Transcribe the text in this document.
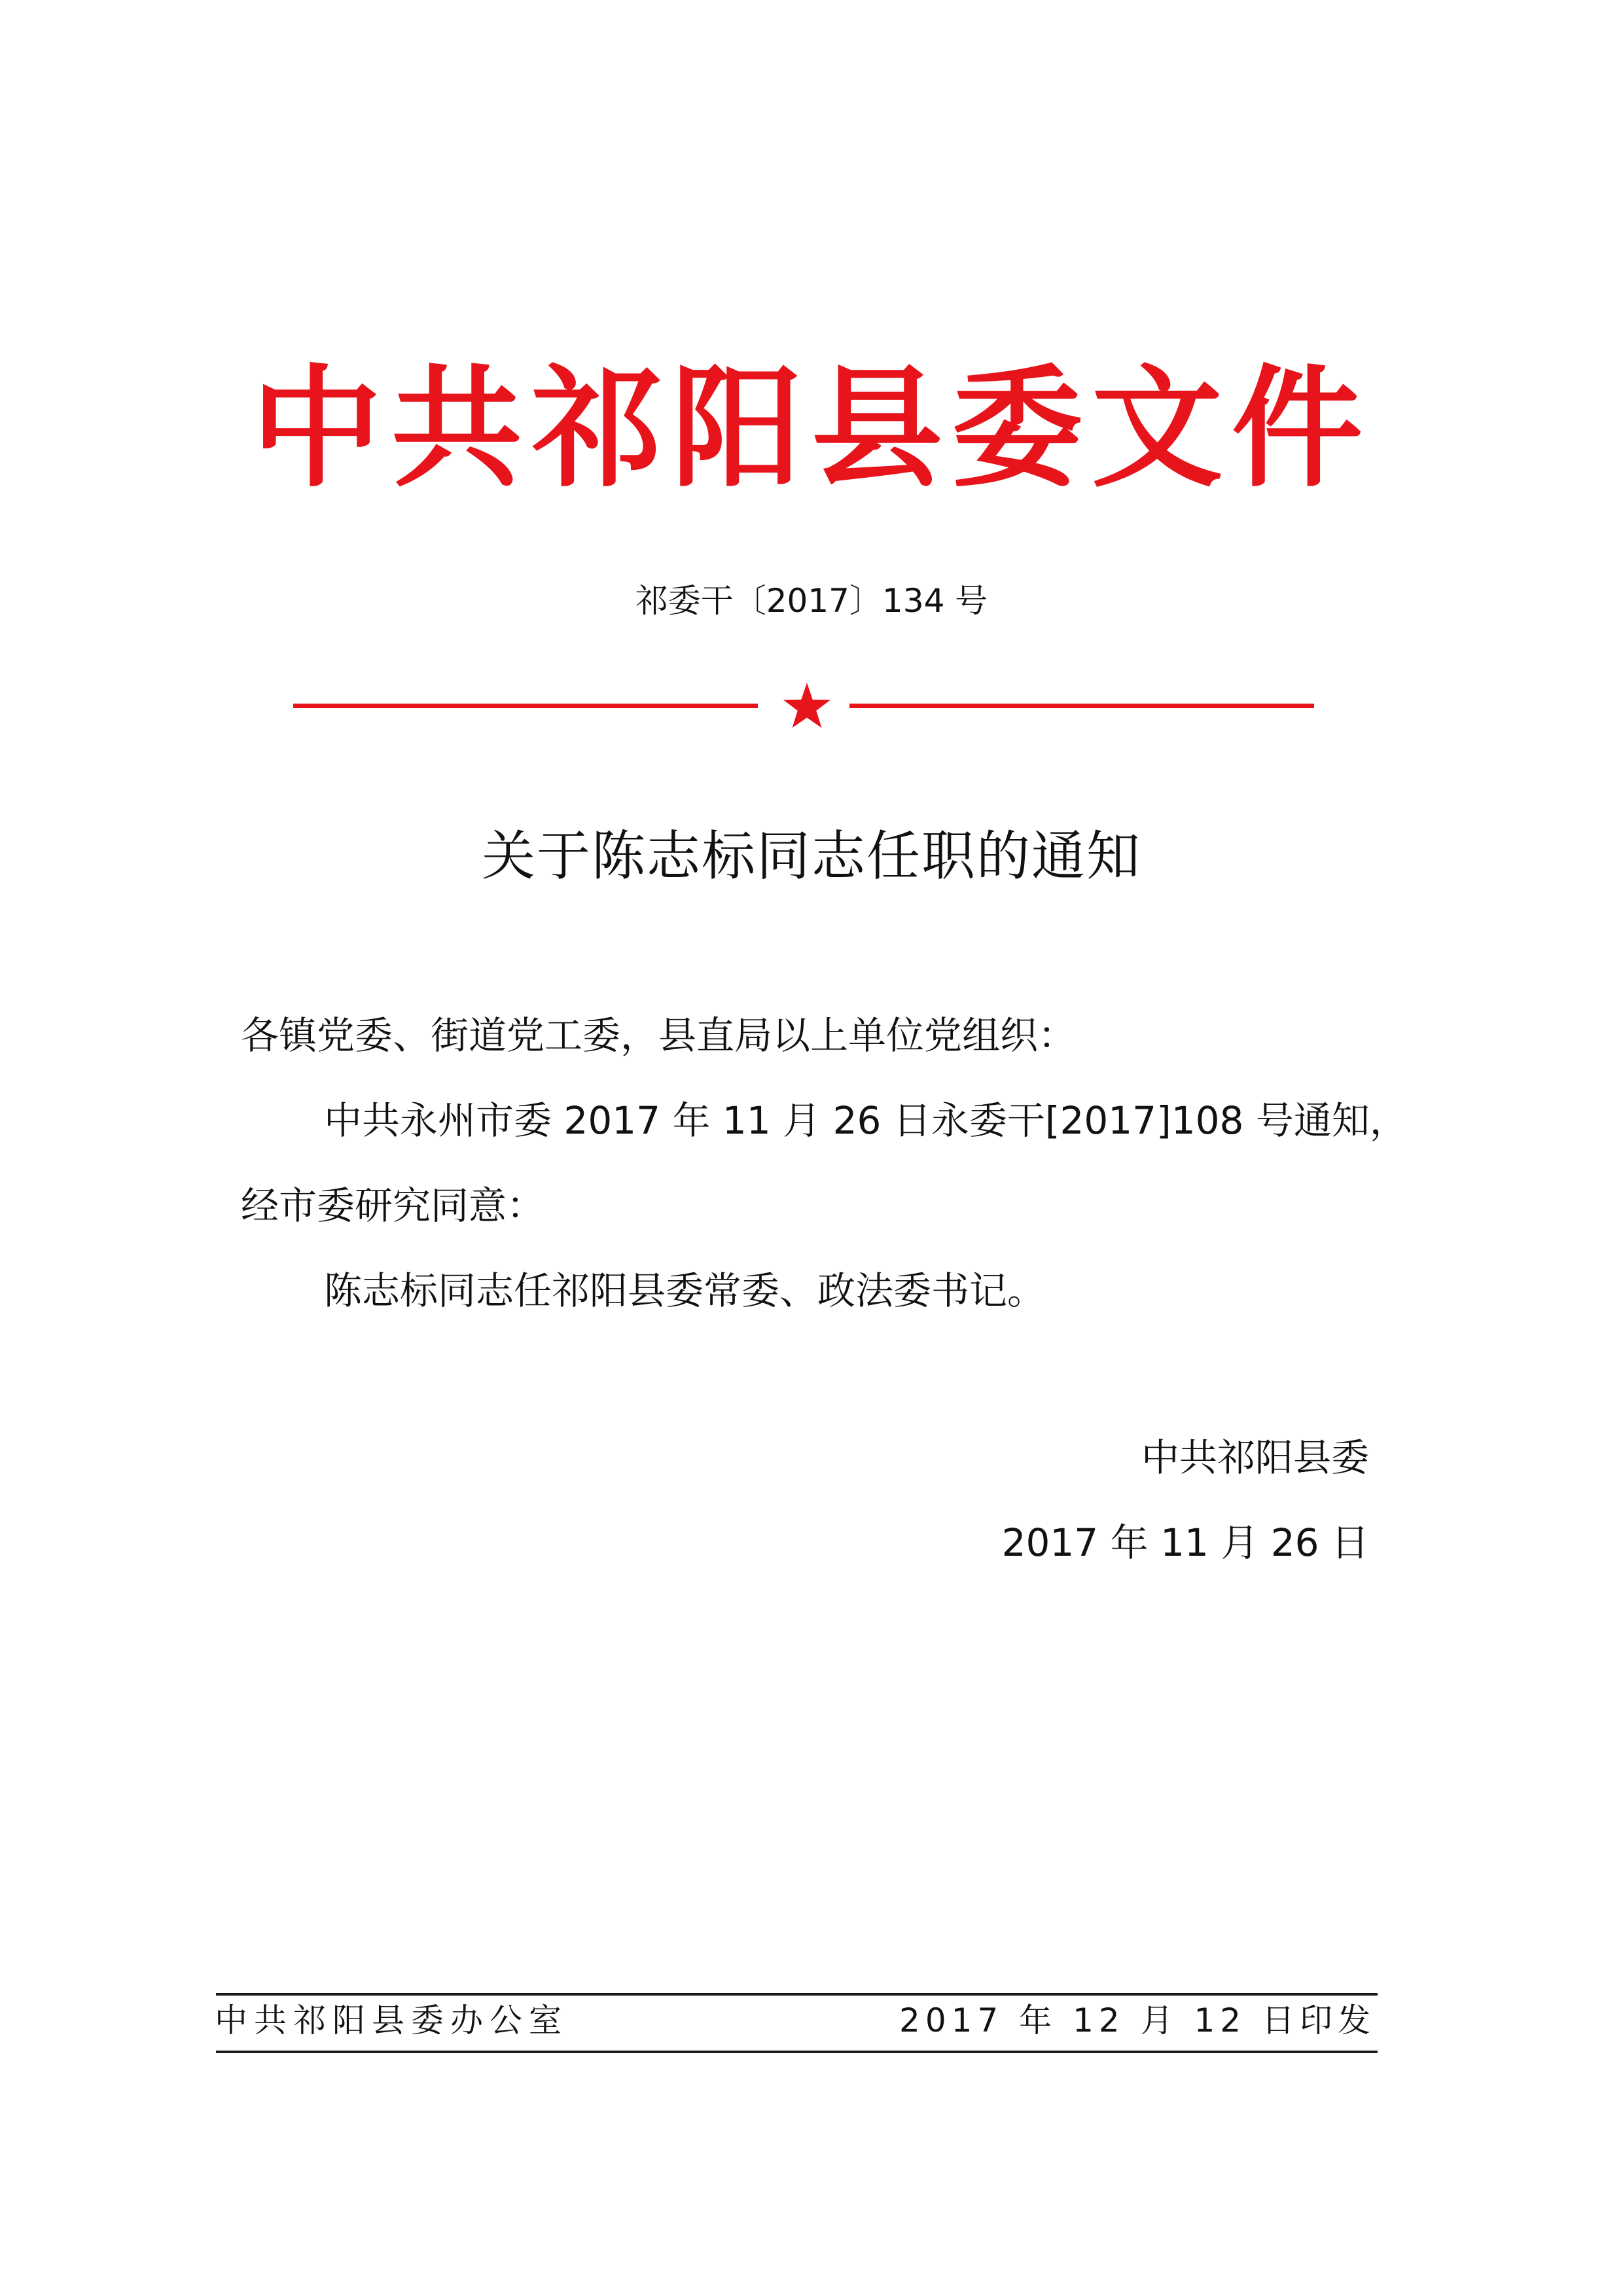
中共祁阳县委文件
祁委干〔2017〕134 号
关于陈志标同志任职的通知
各镇党委、街道党工委，县直局以上单位党组织：
中共永州市委 2017 年 11 月 26 日永委干[2017]108 号通知，
经市委研究同意：
陈志标同志任祁阳县委常委、政法委书记。
中共祁阳县委
2017 年 11 月 26 日
中共祁阳县委办公室	2017 年 12 月 12 日印发
